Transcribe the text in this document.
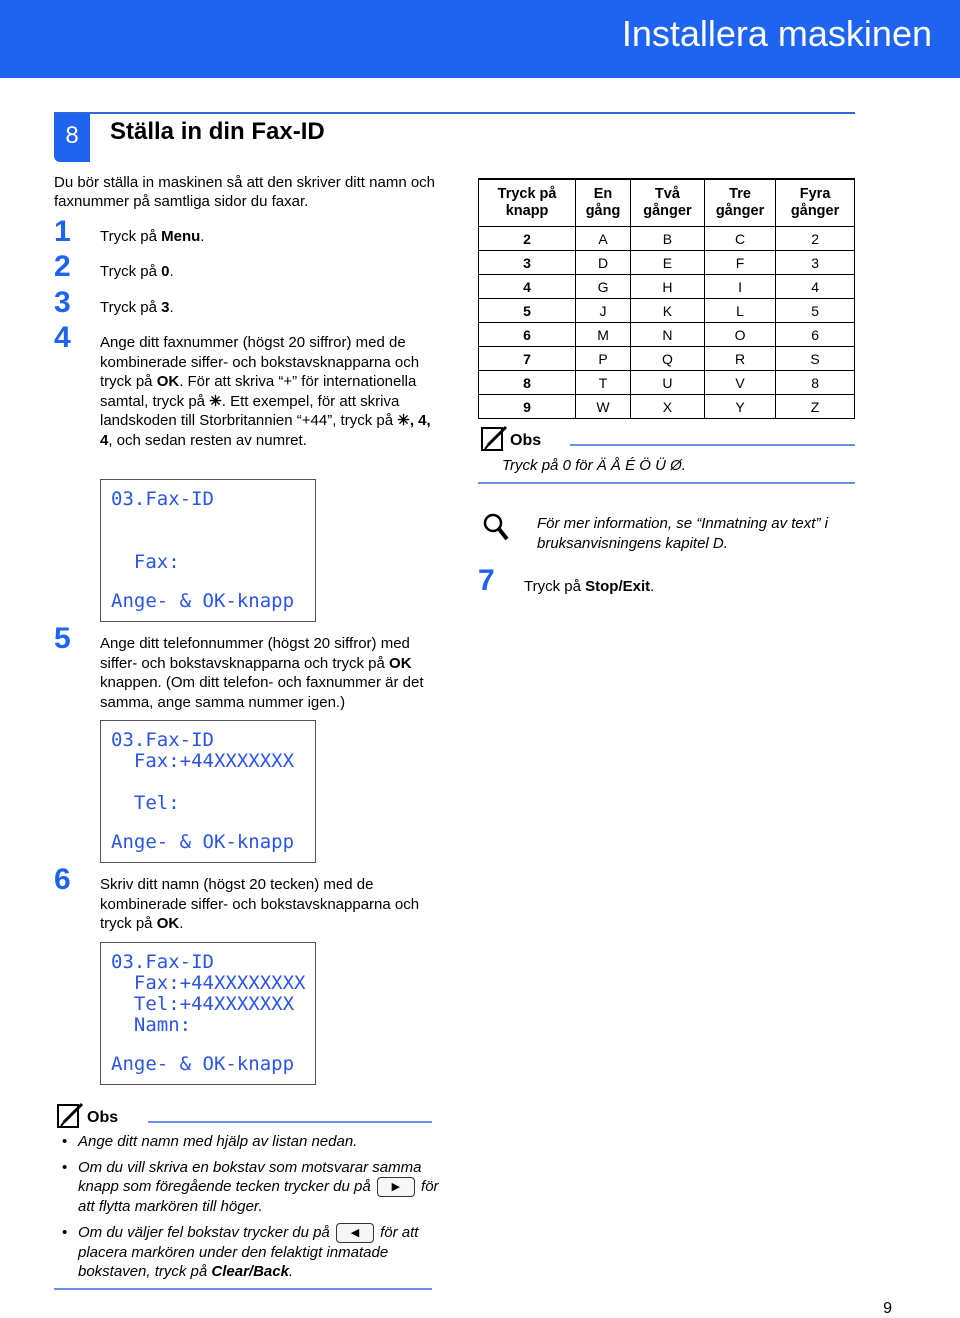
Installera maskinen
8	Ställa in din Fax-ID
Du bör ställa in maskinen så att den skriver ditt namn och faxnummer på samtliga sidor du faxar.
1 Tryck på Menu.
2 Tryck på 0.
3 Tryck på 3.
4 Ange ditt faxnummer (högst 20 siffror) med de kombinerade siffer- och bokstavsknapparna och tryck på OK. För att skriva “+” för internationella samtal, tryck på ✳. Ett exempel, för att skriva landskoden till Storbritannien “+44”, tryck på ✳, 4, 4, och sedan resten av numret.
03.Fax-ID
Fax:
Ange- & OK-knapp
5 Ange ditt telefonnummer (högst 20 siffror) med siffer- och bokstavsknapparna och tryck på OK knappen. (Om ditt telefon- och faxnummer är det samma, ange samma nummer igen.)
03.Fax-ID
Fax:+44XXXXXXX
Tel:
Ange- & OK-knapp
6 Skriv ditt namn (högst 20 tecken) med de kombinerade siffer- och bokstavsknapparna och tryck på OK.
03.Fax-ID
Fax:+44XXXXXXXX
Tel:+44XXXXXXX
Namn:
Ange- & OK-knapp
Obs
• Ange ditt namn med hjälp av listan nedan.
• Om du vill skriva en bokstav som motsvarar samma knapp som föregående tecken trycker du på ▶ för att flytta markören till höger.
• Om du väljer fel bokstav trycker du på ◀ för att placera markören under den felaktigt inmatade bokstaven, tryck på Clear/Back.
Tryck på knapp	En gång	Två gånger	Tre gånger	Fyra gånger
2	A	B	C	2
3	D	E	F	3
4	G	H	I	4
5	J	K	L	5
6	M	N	O	6
7	P	Q	R	S
8	T	U	V	8
9	W	X	Y	Z
Obs
Tryck på 0 för Ä Å É Ö Ü Ø.
För mer information, se “Inmatning av text” i bruksanvisningens kapitel D.
7 Tryck på Stop/Exit.
9
